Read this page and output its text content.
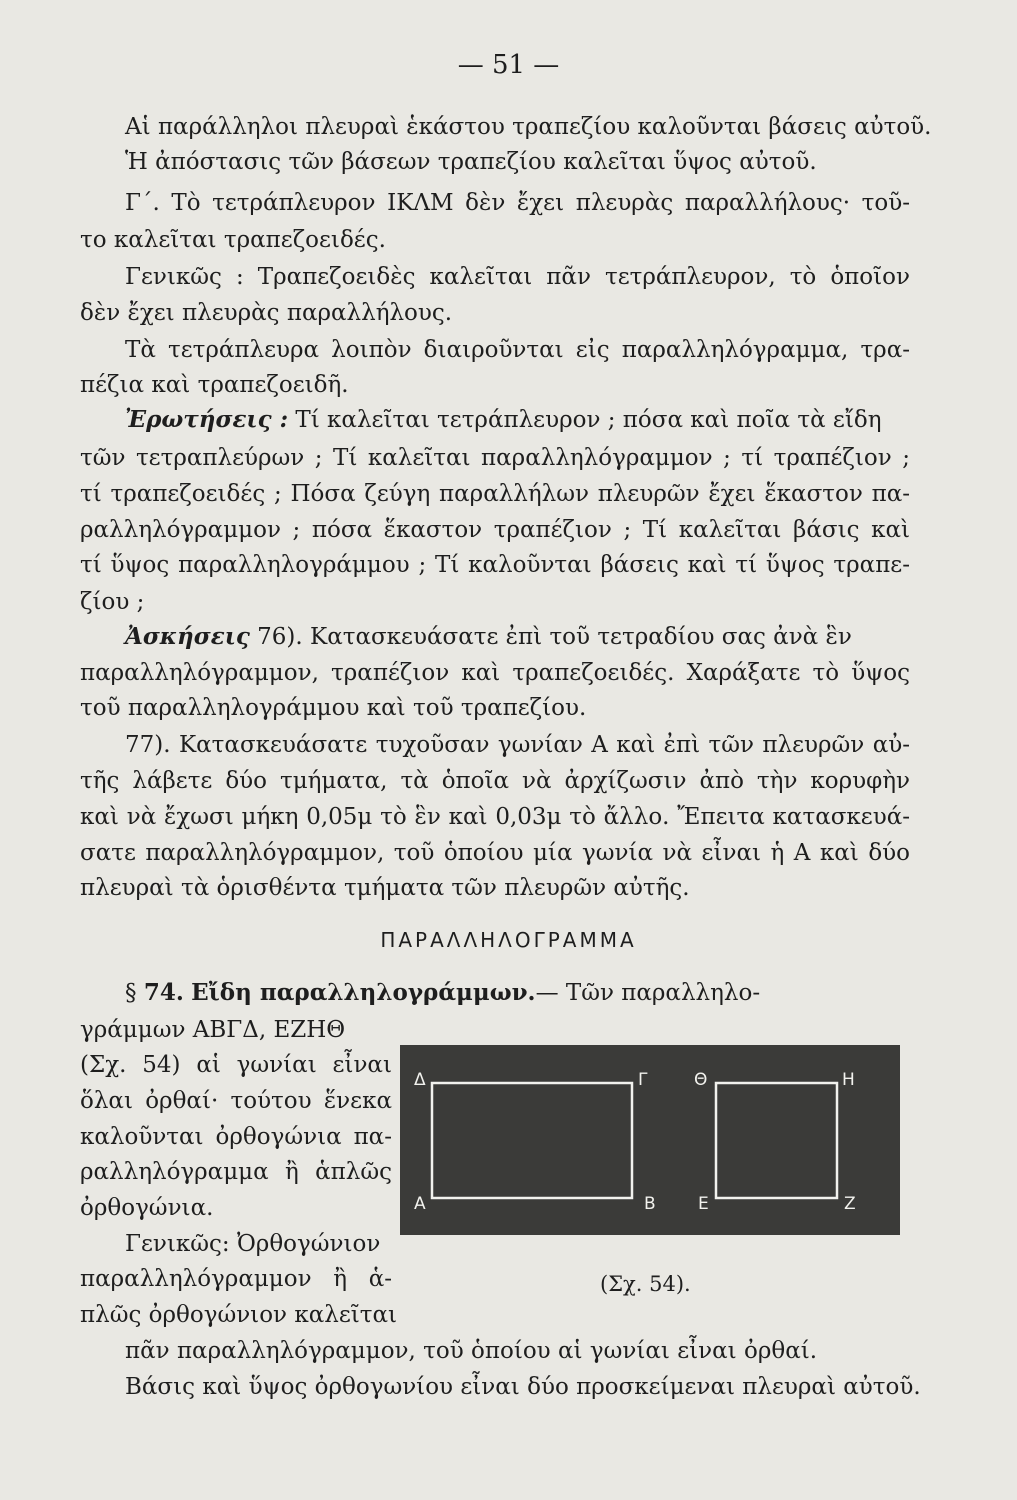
— 51 —
Αἱ παράλληλοι πλευραὶ ἑκάστου τραπεζίου καλοῦνται βάσεις αὐτοῦ.
Ἡ ἀπόστασις τῶν βάσεων τραπεζίου καλεῖται ὕψος αὐτοῦ.
Γ΄. Τὸ τετράπλευρον ΙΚΛΜ δὲν ἔχει πλευρὰς παραλλήλους· τοῦ-
το καλεῖται τραπεζοειδές.
Γενικῶς : Τραπεζοειδὲς καλεῖται πᾶν τετράπλευρον, τὸ ὁποῖον
δὲν ἔχει πλευρὰς παραλλήλους.
Τὰ τετράπλευρα λοιπὸν διαιροῦνται εἰς παραλληλόγραμμα, τρα-
πέζια καὶ τραπεζοειδῆ.
Ἐρωτήσεις : Τί καλεῖται τετράπλευρον ; πόσα καὶ ποῖα τὰ εἴδη
τῶν τετραπλεύρων ; Τί καλεῖται παραλληλόγραμμον ; τί τραπέζιον ;
τί τραπεζοειδές ; Πόσα ζεύγη παραλλήλων πλευρῶν ἔχει ἕκαστον πα-
ραλληλόγραμμον ; πόσα ἕκαστον τραπέζιον ; Τί καλεῖται βάσις καὶ
τί ὕψος παραλληλογράμμου ; Τί καλοῦνται βάσεις καὶ τί ὕψος τραπε-
ζίου ;
Ἀσκήσεις 76). Κατασκευάσατε ἐπὶ τοῦ τετραδίου σας ἀνὰ ἓν
παραλληλόγραμμον, τραπέζιον καὶ τραπεζοειδές. Χαράξατε τὸ ὕψος
τοῦ παραλληλογράμμου καὶ τοῦ τραπεζίου.
77). Κατασκευάσατε τυχοῦσαν γωνίαν Α καὶ ἐπὶ τῶν πλευρῶν αὐ-
τῆς λάβετε δύο τμήματα, τὰ ὁποῖα νὰ ἀρχίζωσιν ἀπὸ τὴν κορυφὴν
καὶ νὰ ἔχωσι μήκη 0,05μ τὸ ἓν καὶ 0,03μ τὸ ἄλλο. Ἔπειτα κατασκευά-
σατε παραλληλόγραμμον, τοῦ ὁποίου μία γωνία νὰ εἶναι ἡ Α καὶ δύο
πλευραὶ τὰ ὁρισθέντα τμήματα τῶν πλευρῶν αὐτῆς.
ΠΑΡΑΛΛΗΛΟΓΡΑΜΜΑ
§ 74. Εἴδη παραλληλογράμμων.— Τῶν παραλληλο-
γράμμων ΑΒΓΔ, ΕΖΗΘ
(Σχ. 54) αἱ γωνίαι εἶναι
ὅλαι ὀρθαί· τούτου ἕνεκα
καλοῦνται ὀρθογώνια πα-
ραλληλόγραμμα ἢ ἁπλῶς
ὀρθογώνια.
Γενικῶς: Ὀρθογώνιον
παραλληλόγραμμον ἢ ἁ-
πλῶς ὀρθογώνιον καλεῖται
πᾶν παραλληλόγραμμον, τοῦ ὁποίου αἱ γωνίαι εἶναι ὀρθαί.
Βάσις καὶ ὕψος ὀρθογωνίου εἶναι δύο προσκείμεναι πλευραὶ αὐτοῦ.
Δ	Γ	Θ	Η
Α	Β Ε	Ζ
(Σχ. 54).
